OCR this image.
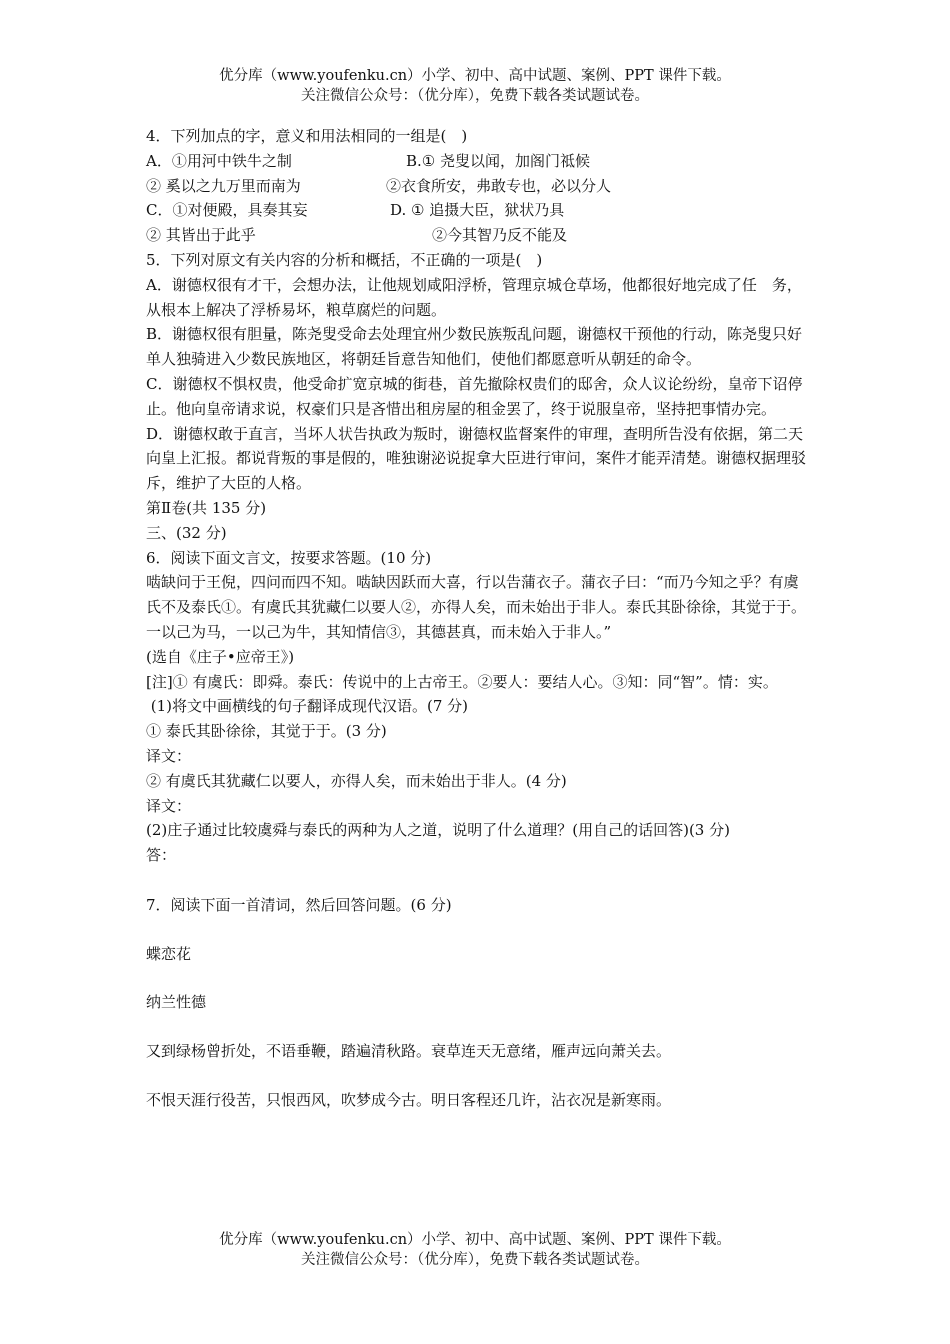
优分库（www.youfenku.cn）小学、初中、高中试题、案例、PPT 课件下载。
关注微信公众号：（优分库），免费下载各类试题试卷。

4．下列加点的字，意义和用法相同的一组是(　)

A．①用河中铁牛之制	B.① 尧叟以闻，加阁门祗候
② 奚以之九万里而南为	②衣食所安，弗敢专也，必以分人
C．①对便殿，具奏其妄	D. ① 追摄大臣，狱状乃具
② 其皆出于此乎	②今其智乃反不能及

5．下列对原文有关内容的分析和概括，不正确的一项是(　)

A．谢德权很有才干，会想办法，让他规划咸阳浮桥，管理京城仓草场，他都很好地完成了任　务，从根本上解决了浮桥易坏，粮草腐烂的问题。

B．谢德权很有胆量，陈尧叟受命去处理宜州少数民族叛乱问题，谢德权干预他的行动，陈尧叟只好单人独骑进入少数民族地区，将朝廷旨意告知他们，使他们都愿意听从朝廷的命令。

C．谢德权不惧权贵，他受命扩宽京城的街巷，首先撤除权贵们的邸舍，众人议论纷纷，皇帝下诏停止。他向皇帝请求说，权豪们只是吝惜出租房屋的租金罢了，终于说服皇帝，坚持把事情办完。

D．谢德权敢于直言，当坏人状告执政为叛时，谢德权监督案件的审理，查明所告没有依据，第二天向皇上汇报。都说背叛的事是假的，唯独谢泌说捉拿大臣进行审问，案件才能弄清楚。谢德权据理驳斥，维护了大臣的人格。

第Ⅱ卷(共 135 分)

三、(32 分)

6．阅读下面文言文，按要求答题。(10 分)

啮缺问于王倪，四问而四不知。啮缺因跃而大喜，行以告蒲衣子。蒲衣子曰：“而乃今知之乎？有虞氏不及泰氏①。有虞氏其犹藏仁以要人②，亦得人矣，而未始出于非人。泰氏其卧徐徐，其觉于于。一以己为马，一以己为牛，其知情信③，其德甚真，而未始入于非人。”

(选自《庄子•应帝王》)

[注]① 有虞氏：即舜。泰氏：传说中的上古帝王。②要人：要结人心。③知：同“智”。情：实。

(1)将文中画横线的句子翻译成现代汉语。(7 分)

① 泰氏其卧徐徐，其觉于于。(3 分)

译文：

② 有虞氏其犹藏仁以要人，亦得人矣，而未始出于非人。(4 分)

译文：

(2)庄子通过比较虞舜与泰氏的两种为人之道，说明了什么道理？(用自己的话回答)(3 分)

答：

7．阅读下面一首清词，然后回答问题。(6 分)

蝶恋花

纳兰性德

又到绿杨曾折处，不语垂鞭，踏遍清秋路。衰草连天无意绪，雁声远向萧关去。

不恨天涯行役苦，只恨西风，吹梦成今古。明日客程还几许，沾衣况是新寒雨。

优分库（www.youfenku.cn）小学、初中、高中试题、案例、PPT 课件下载。
关注微信公众号：（优分库），免费下载各类试题试卷。
